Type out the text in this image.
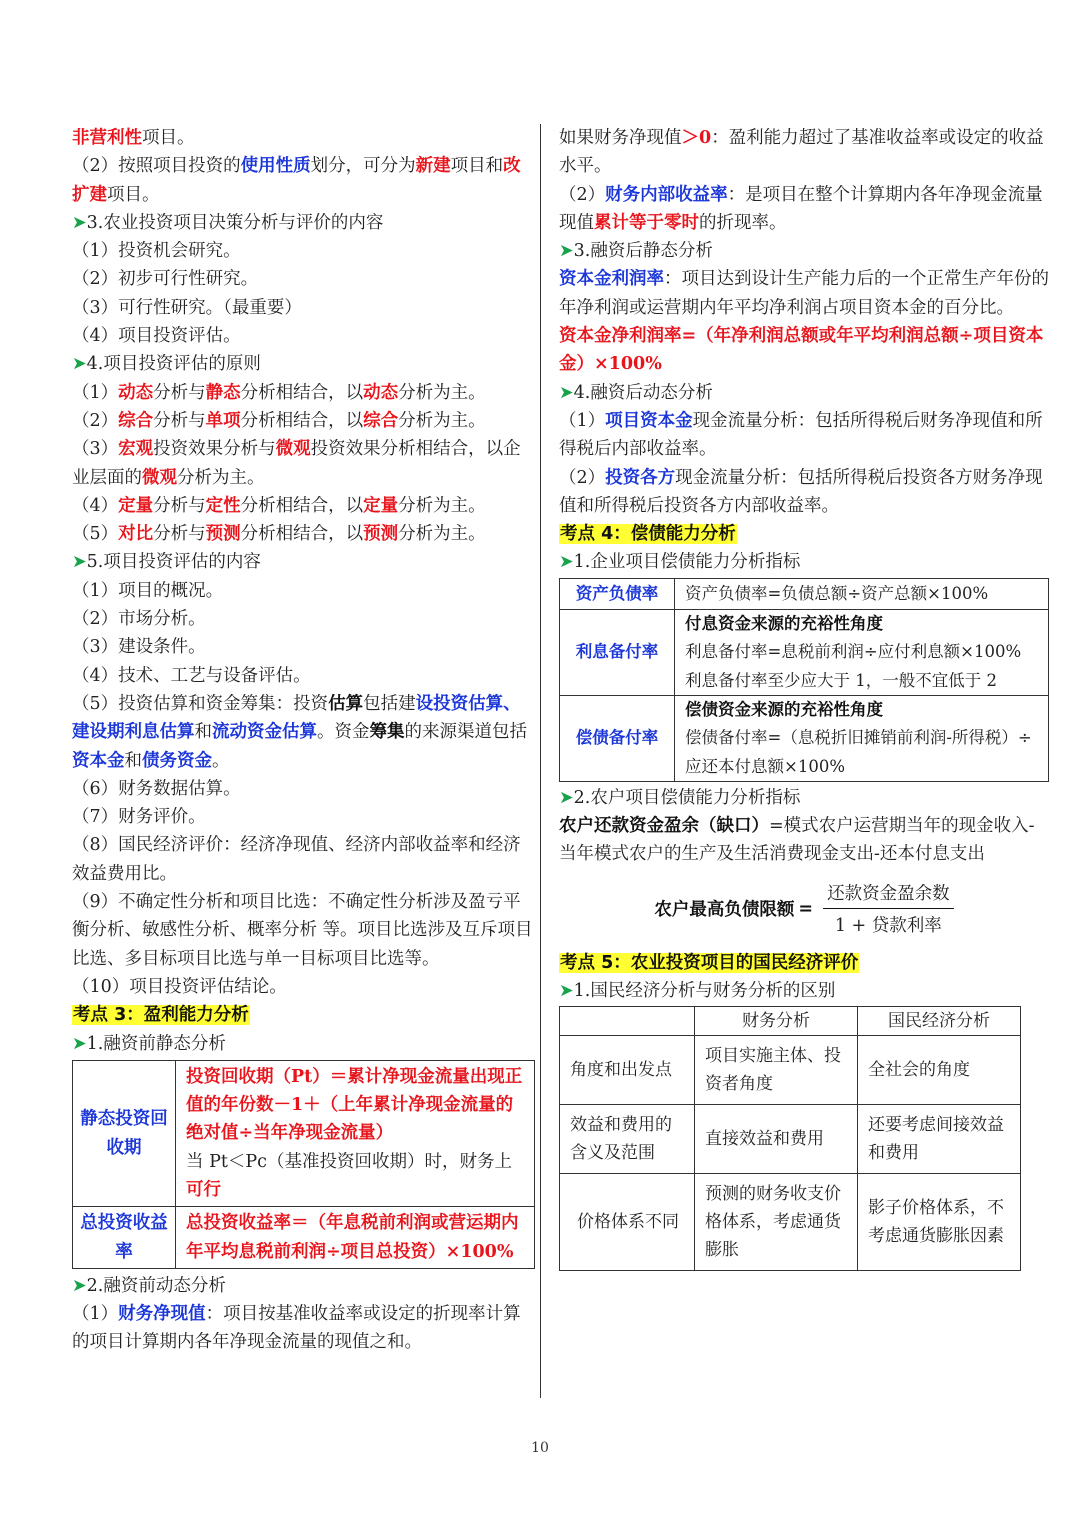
非营利性项目。

（2）按照项目投资的使用性质划分，可分为新建项目和改扩建项目。

➤3.农业投资项目决策分析与评价的内容

（1）投资机会研究。

（2）初步可行性研究。

（3）可行性研究。（最重要）

（4）项目投资评估。

➤4.项目投资评估的原则

（1）动态分析与静态分析相结合，以动态分析为主。

（2）综合分析与单项分析相结合，以综合分析为主。

（3）宏观投资效果分析与微观投资效果分析相结合，以企业层面的微观分析为主。

（4）定量分析与定性分析相结合，以定量分析为主。

（5）对比分析与预测分析相结合，以预测分析为主。

➤5.项目投资评估的内容

（1）项目的概况。

（2）市场分析。

（3）建设条件。

（4）技术、工艺与设备评估。

（5）投资估算和资金筹集：投资估算包括建设投资估算、建设期利息估算和流动资金估算。资金筹集的来源渠道包括资本金和债务资金。

（6）财务数据估算。

（7）财务评价。

（8）国民经济评价：经济净现值、经济内部收益率和经济效益费用比。

（9）不确定性分析和项目比选：不确定性分析涉及盈亏平衡分析、敏感性分析、概率分析 等。项目比选涉及互斥项目比选、多目标项目比选与单一目标项目比选等。

（10）项目投资评估结论。

考点 3：盈利能力分析

➤1.融资前静态分析

静态投资回收期	投资回收期（Pt）＝累计净现金流量出现正值的年份数－1＋（上年累计净现金流量的绝对值÷当年净现金流量）
当 Pt＜Pc（基准投资回收期）时，财务上可行
总投资收益率	总投资收益率＝（年息税前利润或营运期内年平均息税前利润÷项目总投资）×100%

➤2.融资前动态分析

（1）财务净现值：项目按基准收益率或设定的折现率计算的项目计算期内各年净现金流量的现值之和。

如果财务净现值＞0：盈利能力超过了基准收益率或设定的收益水平。

（2）财务内部收益率：是项目在整个计算期内各年净现金流量现值累计等于零时的折现率。

➤3.融资后静态分析

资本金利润率：项目达到设计生产能力后的一个正常生产年份的年净利润或运营期内年平均净利润占项目资本金的百分比。

资本金净利润率=（年净利润总额或年平均利润总额÷项目资本金）×100%

➤4.融资后动态分析

（1）项目资本金现金流量分析：包括所得税后财务净现值和所得税后内部收益率。

（2）投资各方现金流量分析：包括所得税后投资各方财务净现值和所得税后投资各方内部收益率。

考点 4：偿债能力分析

➤1.企业项目偿债能力分析指标

资产负债率	资产负债率=负债总额÷资产总额×100%
利息备付率	付息资金来源的充裕性角度
利息备付率=息税前利润÷应付利息额×100%
利息备付率至少应大于 1，一般不宜低于 2
偿债备付率	偿债资金来源的充裕性角度
偿债备付率=（息税折旧摊销前利润-所得税）÷应还本付息额×100%

➤2.农户项目偿债能力分析指标

农户还款资金盈余（缺口）=模式农户运营期当年的现金收入-当年模式农户的生产及生活消费现金支出-还本付息支出

农户最高负债限额 = $\frac{\text{还款资金盈余数}}{\text{1 + 贷款利率}}$

考点 5：农业投资项目的国民经济评价

➤1.国民经济分析与财务分析的区别

	财务分析	国民经济分析
角度和出发点	项目实施主体、投资者角度	全社会的角度
效益和费用的含义及范围	直接效益和费用	还要考虑间接效益和费用
价格体系不同	预测的财务收支价格体系，考虑通货膨胀	影子价格体系，不考虑通货膨胀因素
10
